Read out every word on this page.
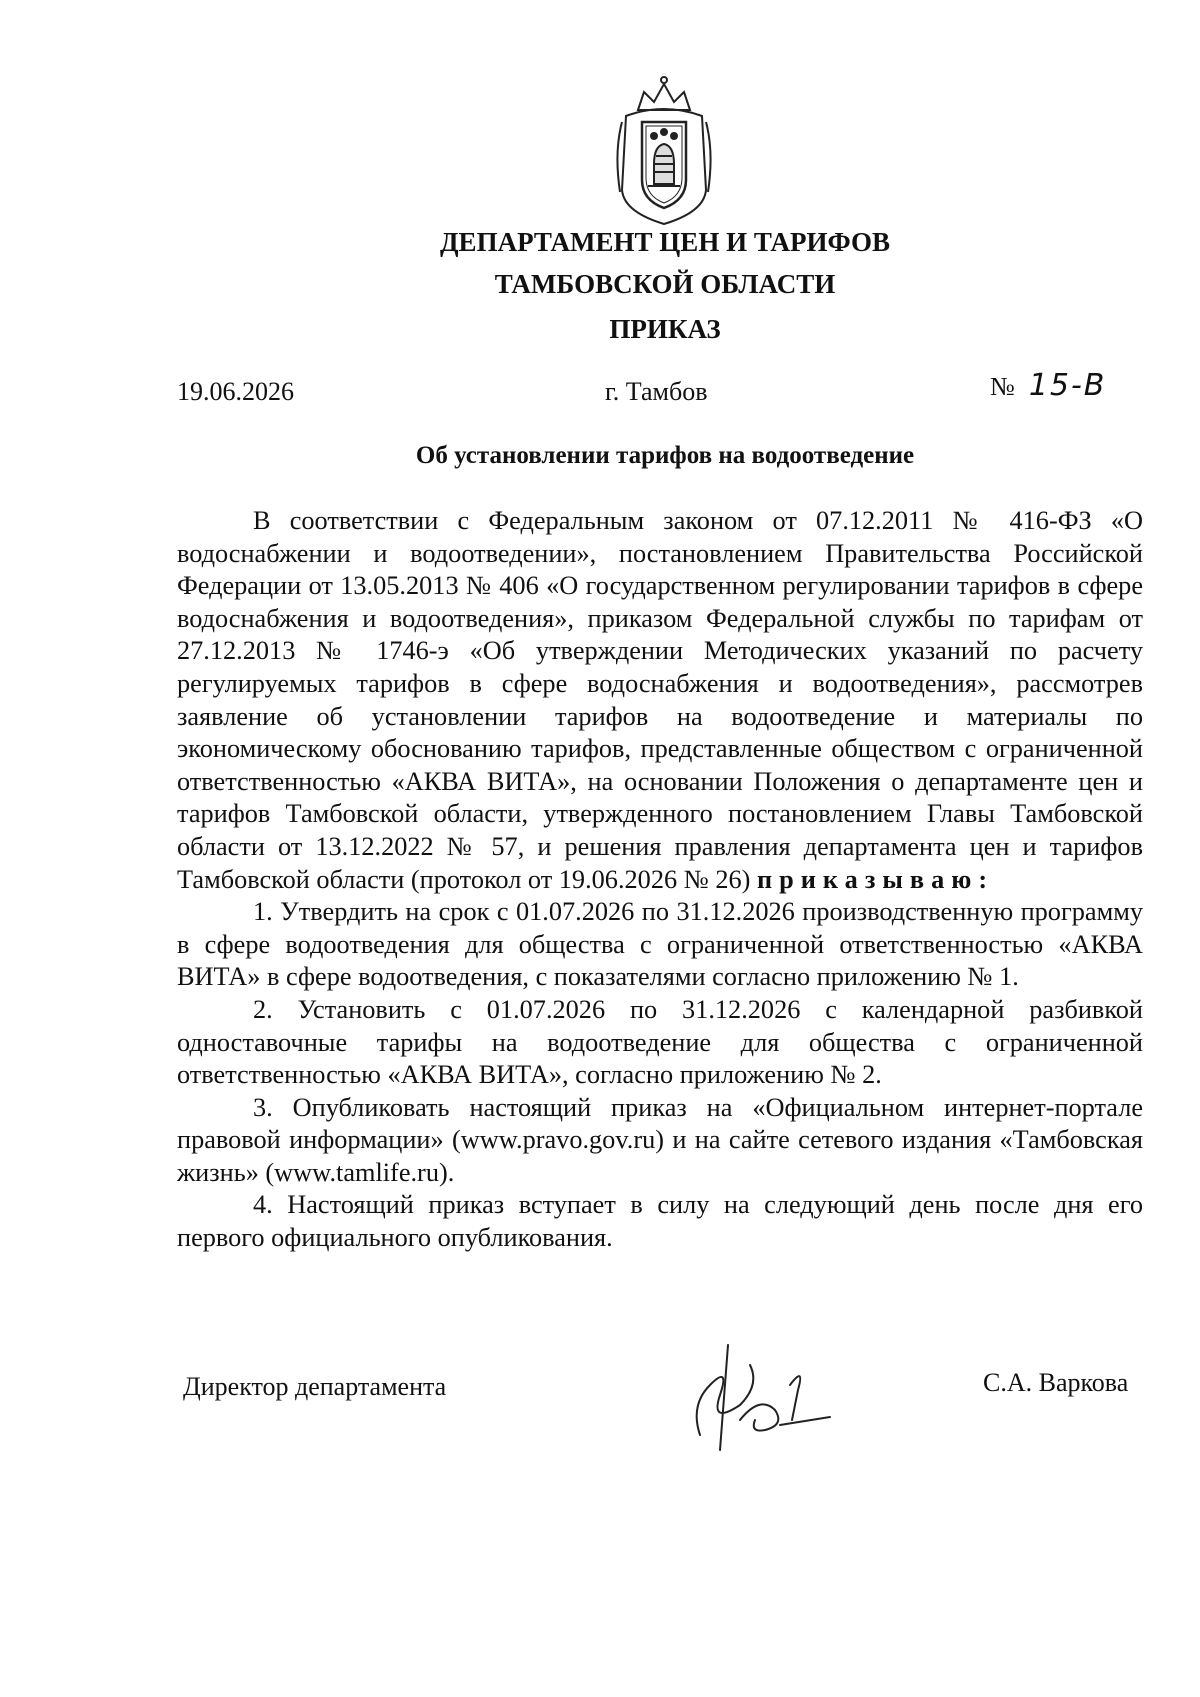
ДЕПАРТАМЕНТ ЦЕН И ТАРИФОВ
ТАМБОВСКОЙ ОБЛАСТИ
ПРИКАЗ
19.06.2026	г. Тамбов	№ 15-В
Об установлении тарифов на водоотведение

В соответствии с Федеральным законом от 07.12.2011 № 416-ФЗ «О водоснабжении и водоотведении», постановлением Правительства Российской Федерации от 13.05.2013 № 406 «О государственном регулировании тарифов в сфере водоснабжения и водоотведения», приказом Федеральной службы по тарифам от 27.12.2013 № 1746-э «Об утверждении Методических указаний по расчету регулируемых тарифов в сфере водоснабжения и водоотведения», рассмотрев заявление об установлении тарифов на водоотведение и материалы по экономическому обоснованию тарифов, представленные обществом с ограниченной ответственностью «АКВА ВИТА», на основании Положения о департаменте цен и тарифов Тамбовской области, утвержденного постановлением Главы Тамбовской области от 13.12.2022 № 57, и решения правления департамента цен и тарифов Тамбовской области (протокол от 19.06.2026 № 26) приказываю:

1. Утвердить на срок с 01.07.2026 по 31.12.2026 производственную программу в сфере водоотведения для общества с ограниченной ответственностью «АКВА ВИТА» в сфере водоотведения, с показателями согласно приложению № 1.

2. Установить с 01.07.2026 по 31.12.2026 с календарной разбивкой одноставочные тарифы на водоотведение для общества с ограниченной ответственностью «АКВА ВИТА», согласно приложению № 2.

3. Опубликовать настоящий приказ на «Официальном интернет-портале правовой информации» (www.pravo.gov.ru) и на сайте сетевого издания «Тамбовская жизнь» (www.tamlife.ru).

4. Настоящий приказ вступает в силу на следующий день после дня его первого официального опубликования.

Директор департамента	С.А. Варкова
